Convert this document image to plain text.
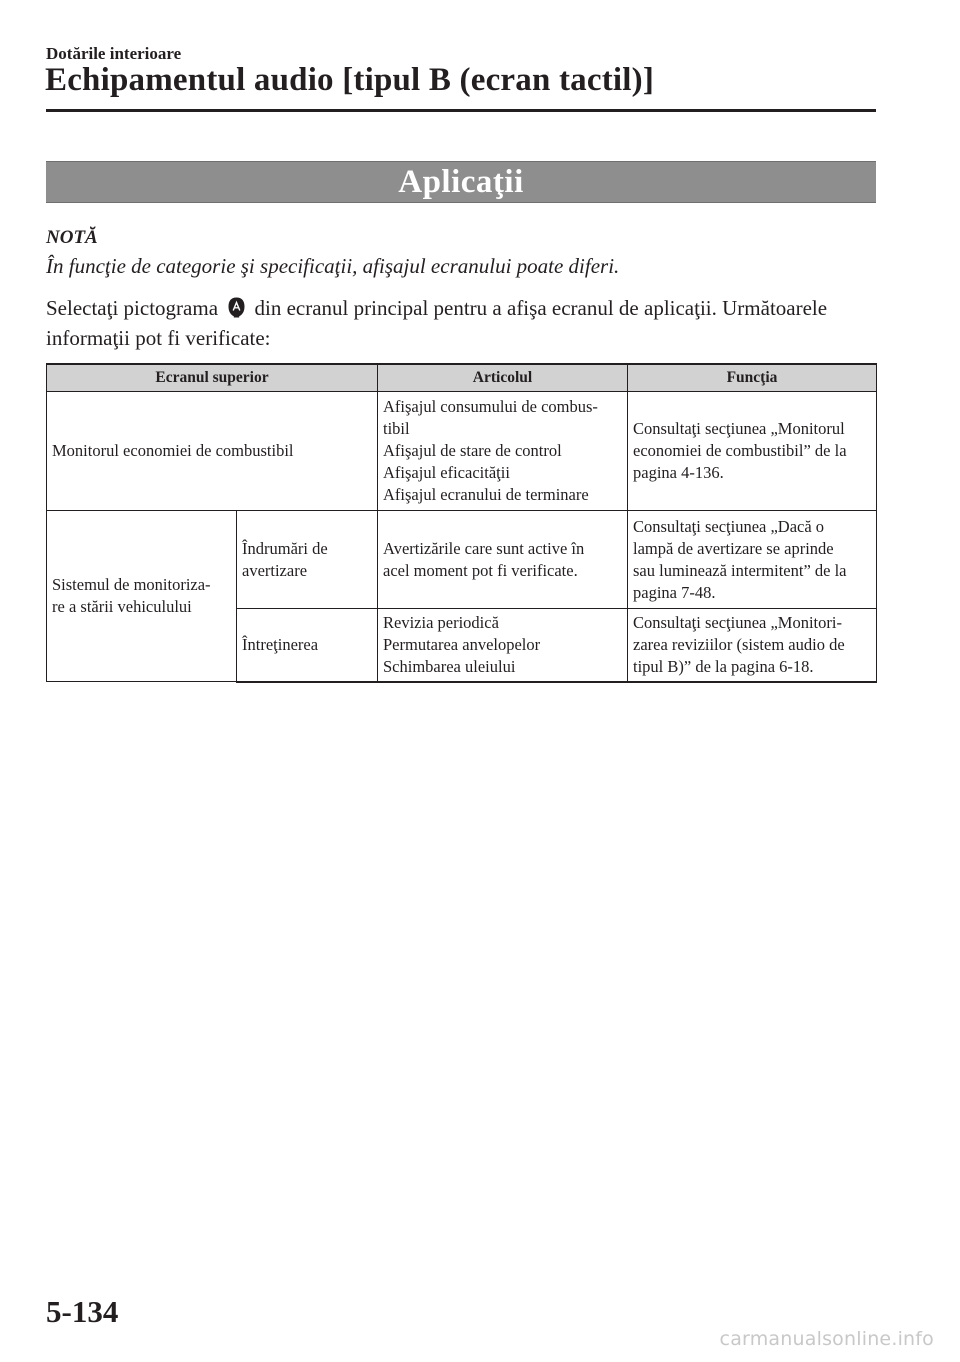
Dotările interioare
Echipamentul audio [tipul B (ecran tactil)]
Aplicaţii
NOTĂ
În funcţie de categorie şi specificaţii, afişajul ecranului poate diferi.
Selectaţi pictograma din ecranul principal pentru a afişa ecranul de aplicaţii. Următoarele informaţii pot fi verificate:
Ecranul superior		Articolul	Funcţia
Monitorul economiei de combustibil		Afişajul consumului de combus-
tibil
Afişajul de stare de control
Afişajul eficacităţii
Afişajul ecranului de terminare	Consultaţi secţiunea „Monitorul
economiei de combustibil” de la
pagina 4-136.

Sistemul de monitoriza-
re a stării vehiculului	Îndrumări de
avertizare	Avertizările care sunt active în
acel moment pot fi verificate.	Consultaţi secţiunea „Dacă o
lampă de avertizare se aprinde
sau luminează intermitent” de la
pagina 7-48.

	Întreţinerea	Revizia periodică
Permutarea anvelopelor
Schimbarea uleiului	Consultaţi secţiunea „Monitori-
zarea reviziilor (sistem audio de
tipul B)” de la pagina 6-18.
5-134
carmanualsonline.info
